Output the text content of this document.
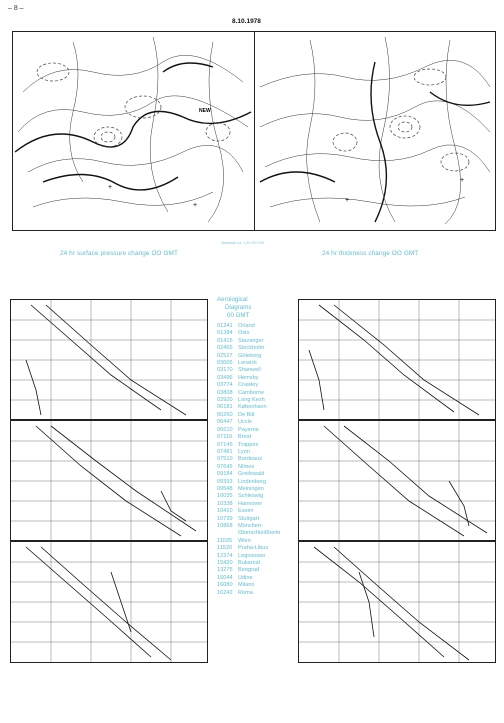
– 8 –
8.10.1978
NEW
+
+
+
+
Massstab ca. 1:40 000 000
24 hr surface pressure change OO GMT	24 hr thickness change OO GMT
Aerological
Diagrams
00 GMT
01241 Orland
01384 Oslo
01415 Stavanger
02465 Stockholm
02527 Göteborg
03005 Lerwick
03170 Shanwell
03496 Hemsby
03774 Crawley
03808 Camborne
03920 Long Kesh
06181 København
06260 De Bilt
06447 Uccle
06610 Payerne
07110 Brest
07145 Trappes
07481 Lyon
07510 Bordeaux
07645 Nîmes
09184 Greifswald
09393 Lindenberg
09548 Meiningen
10035 Schleswig
10338 Hannover
10410 Essen
10739 Stuttgart
10868 München-
Oberschleißheim
11035 Wien
11520 Praha-Libus
12374 Legionowo
15420 Bukarest
13275 Beograd
16044 Udine
16080 Milano
16242 Roma
